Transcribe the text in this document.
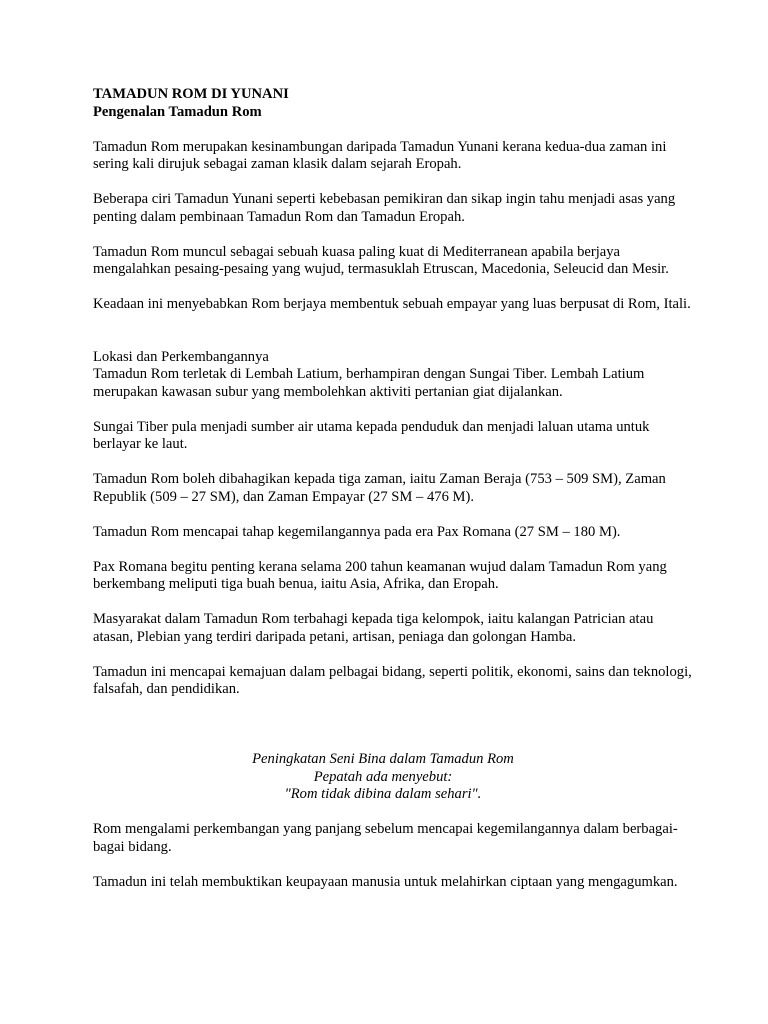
TAMADUN ROM DI YUNANI
Pengenalan Tamadun Rom

Tamadun Rom merupakan kesinambungan daripada Tamadun Yunani kerana kedua-dua zaman ini sering kali dirujuk sebagai zaman klasik dalam sejarah Eropah.

Beberapa ciri Tamadun Yunani seperti kebebasan pemikiran dan sikap ingin tahu menjadi asas yang penting dalam pembinaan Tamadun Rom dan Tamadun Eropah.

Tamadun Rom muncul sebagai sebuah kuasa paling kuat di Mediterranean apabila berjaya mengalahkan pesaing-pesaing yang wujud, termasuklah Etruscan, Macedonia, Seleucid dan Mesir.

Keadaan ini menyebabkan Rom berjaya membentuk sebuah empayar yang luas berpusat di Rom, Itali.

Lokasi dan Perkembangannya

Tamadun Rom terletak di Lembah Latium, berhampiran dengan Sungai Tiber. Lembah Latium merupakan kawasan subur yang membolehkan aktiviti pertanian giat dijalankan.

Sungai Tiber pula menjadi sumber air utama kepada penduduk dan menjadi laluan utama untuk berlayar ke laut.

Tamadun Rom boleh dibahagikan kepada tiga zaman, iaitu Zaman Beraja (753 – 509 SM), Zaman Republik (509 – 27 SM), dan Zaman Empayar (27 SM – 476 M).

Tamadun Rom mencapai tahap kegemilangannya pada era Pax Romana (27 SM – 180 M).

Pax Romana begitu penting kerana selama 200 tahun keamanan wujud dalam Tamadun Rom yang berkembang meliputi tiga buah benua, iaitu Asia, Afrika, dan Eropah.

Masyarakat dalam Tamadun Rom terbahagi kepada tiga kelompok, iaitu kalangan Patrician atau atasan, Plebian yang terdiri daripada petani, artisan, peniaga dan golongan Hamba.

Tamadun ini mencapai kemajuan dalam pelbagai bidang, seperti politik, ekonomi, sains dan teknologi, falsafah, dan pendidikan.

Peningkatan Seni Bina dalam Tamadun Rom

Pepatah ada menyebut:

"Rom tidak dibina dalam sehari".

Rom mengalami perkembangan yang panjang sebelum mencapai kegemilangannya dalam berbagai-bagai bidang.

Tamadun ini telah membuktikan keupayaan manusia untuk melahirkan ciptaan yang mengagumkan.
